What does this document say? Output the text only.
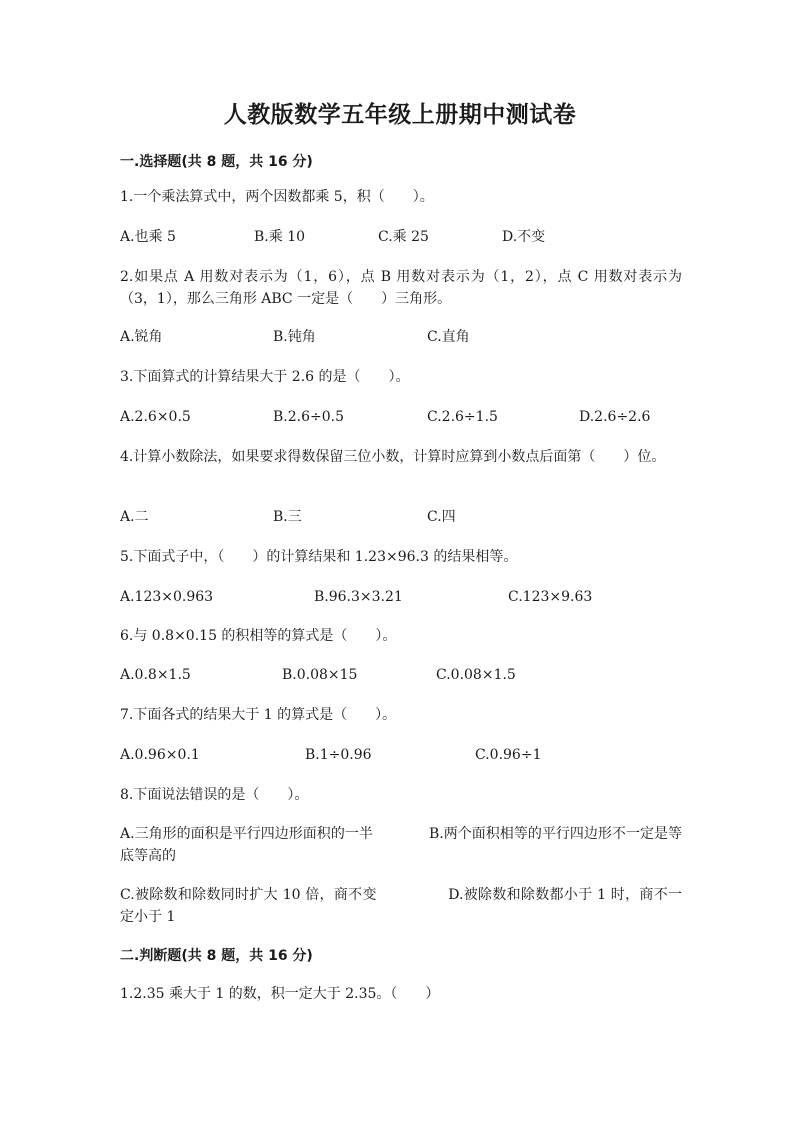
人教版数学五年级上册期中测试卷
一.选择题(共 8 题，共 16 分)
1.一个乘法算式中，两个因数都乘 5，积（　　）。
A.也乘 5	B.乘 10	C.乘 25	D.不变
2.如果点 A 用数对表示为（1，6），点 B 用数对表示为（1，2），点 C 用数对表示为（3，1），那么三角形 ABC 一定是（　　）三角形。
A.锐角	B.钝角	C.直角
3.下面算式的计算结果大于 2.6 的是（　　）。
A.2.6×0.5	B.2.6÷0.5	C.2.6÷1.5	D.2.6÷2.6
4.计算小数除法，如果要求得数保留三位小数，计算时应算到小数点后面第（　　）位。
A.二	B.三	C.四
5.下面式子中，（　　）的计算结果和 1.23×96.3 的结果相等。
A.123×0.963	B.96.3×3.21	C.123×9.63
6.与 0.8×0.15 的积相等的算式是（　　）。
A.0.8×1.5	B.0.08×15	C.0.08×1.5
7.下面各式的结果大于 1 的算式是（　　）。
A.0.96×0.1	B.1÷0.96	C.0.96÷1
8.下面说法错误的是（　　）。
A.三角形的面积是平行四边形面积的一半　　　　B.两个面积相等的平行四边形不一定是等底等高的
C.被除数和除数同时扩大 10 倍，商不变　　　　　D.被除数和除数都小于 1 时，商不一定小于 1
二.判断题(共 8 题，共 16 分)
1.2.35 乘大于 1 的数，积一定大于 2.35。（　　）
